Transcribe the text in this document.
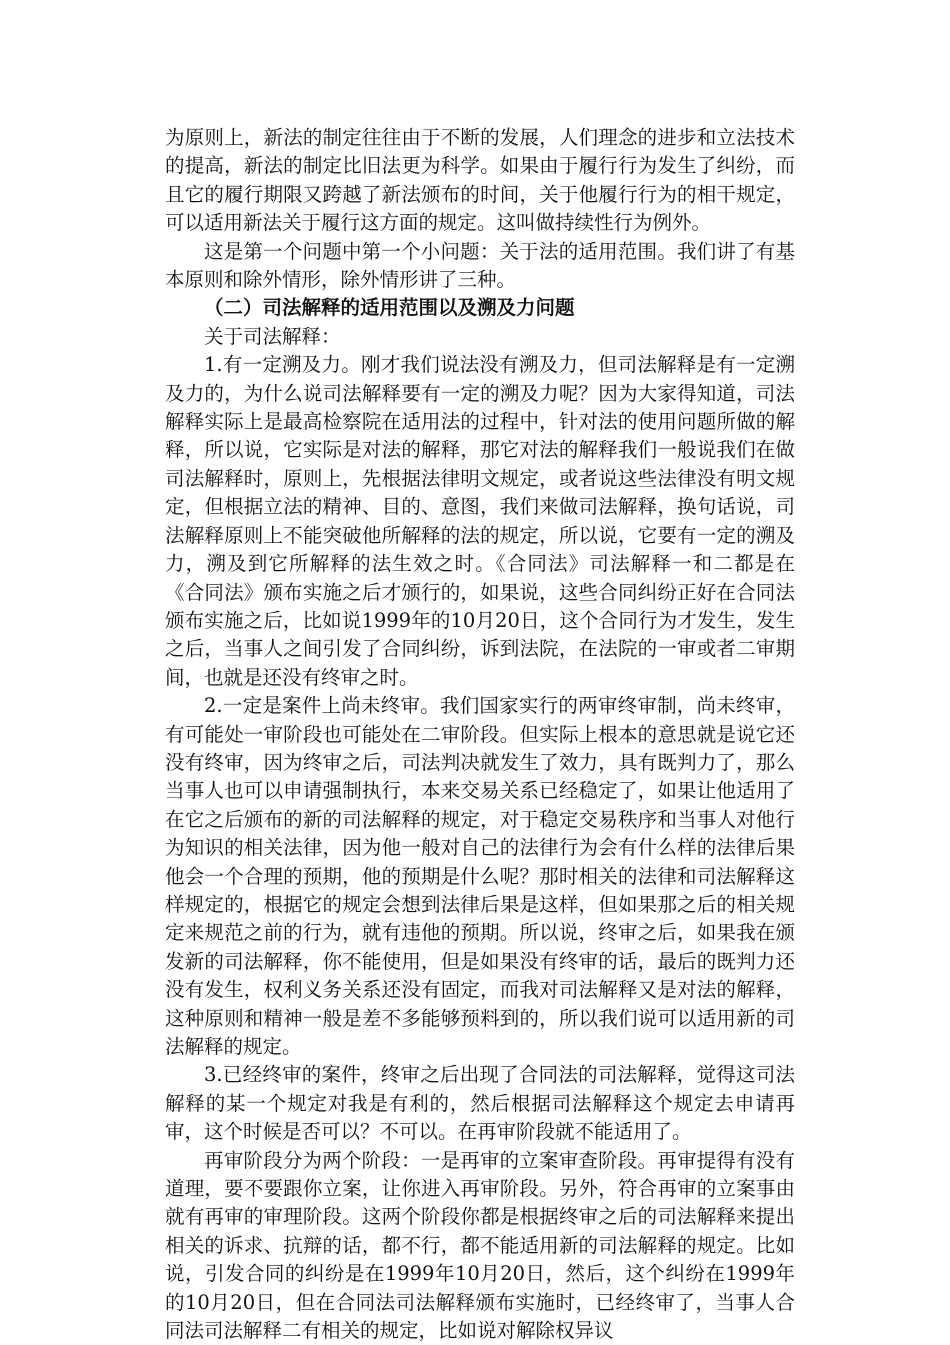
为原则上，新法的制定往往由于不断的发展，人们理念的进步和立法技术的提高，新法的制定比旧法更为科学。如果由于履行行为发生了纠纷，而且它的履行期限又跨越了新法颁布的时间，关于他履行行为的相干规定，可以适用新法关于履行这方面的规定。这叫做持续性行为例外。

这是第一个问题中第一个小问题：关于法的适用范围。我们讲了有基本原则和除外情形，除外情形讲了三种。

（二）司法解释的适用范围以及溯及力问题

关于司法解释：

1.有一定溯及力。刚才我们说法没有溯及力，但司法解释是有一定溯及力的，为什么说司法解释要有一定的溯及力呢？因为大家得知道，司法解释实际上是最高检察院在适用法的过程中，针对法的使用问题所做的解释，所以说，它实际是对法的解释，那它对法的解释我们一般说我们在做司法解释时，原则上，先根据法律明文规定，或者说这些法律没有明文规定，但根据立法的精神、目的、意图，我们来做司法解释，换句话说，司法解释原则上不能突破他所解释的法的规定，所以说，它要有一定的溯及力，溯及到它所解释的法生效之时。《合同法》司法解释一和二都是在《合同法》颁布实施之后才颁行的，如果说，这些合同纠纷正好在合同法颁布实施之后，比如说1999年的10月20日，这个合同行为才发生，发生之后，当事人之间引发了合同纠纷，诉到法院，在法院的一审或者二审期间，也就是还没有终审之时。

2.一定是案件上尚未终审。我们国家实行的两审终审制，尚未终审，有可能处一审阶段也可能处在二审阶段。但实际上根本的意思就是说它还没有终审，因为终审之后，司法判决就发生了效力，具有既判力了，那么当事人也可以申请强制执行，本来交易关系已经稳定了，如果让他适用了在它之后颁布的新的司法解释的规定，对于稳定交易秩序和当事人对他行为知识的相关法律，因为他一般对自己的法律行为会有什么样的法律后果他会一个合理的预期，他的预期是什么呢？那时相关的法律和司法解释这样规定的，根据它的规定会想到法律后果是这样，但如果那之后的相关规定来规范之前的行为，就有违他的预期。所以说，终审之后，如果我在颁发新的司法解释，你不能使用，但是如果没有终审的话，最后的既判力还没有发生，权利义务关系还没有固定，而我对司法解释又是对法的解释，这种原则和精神一般是差不多能够预料到的，所以我们说可以适用新的司法解释的规定。

3.已经终审的案件，终审之后出现了合同法的司法解释，觉得这司法解释的某一个规定对我是有利的，然后根据司法解释这个规定去申请再审，这个时候是否可以？不可以。在再审阶段就不能适用了。

再审阶段分为两个阶段：一是再审的立案审查阶段。再审提得有没有道理，要不要跟你立案，让你进入再审阶段。另外，符合再审的立案事由就有再审的审理阶段。这两个阶段你都是根据终审之后的司法解释来提出相关的诉求、抗辩的话，都不行，都不能适用新的司法解释的规定。比如说，引发合同的纠纷是在1999年10月20日，然后，这个纠纷在1999年的10月20日，但在合同法司法解释颁布实施时，已经终审了，当事人合同法司法解释二有相关的规定，比如说对解除权异议
